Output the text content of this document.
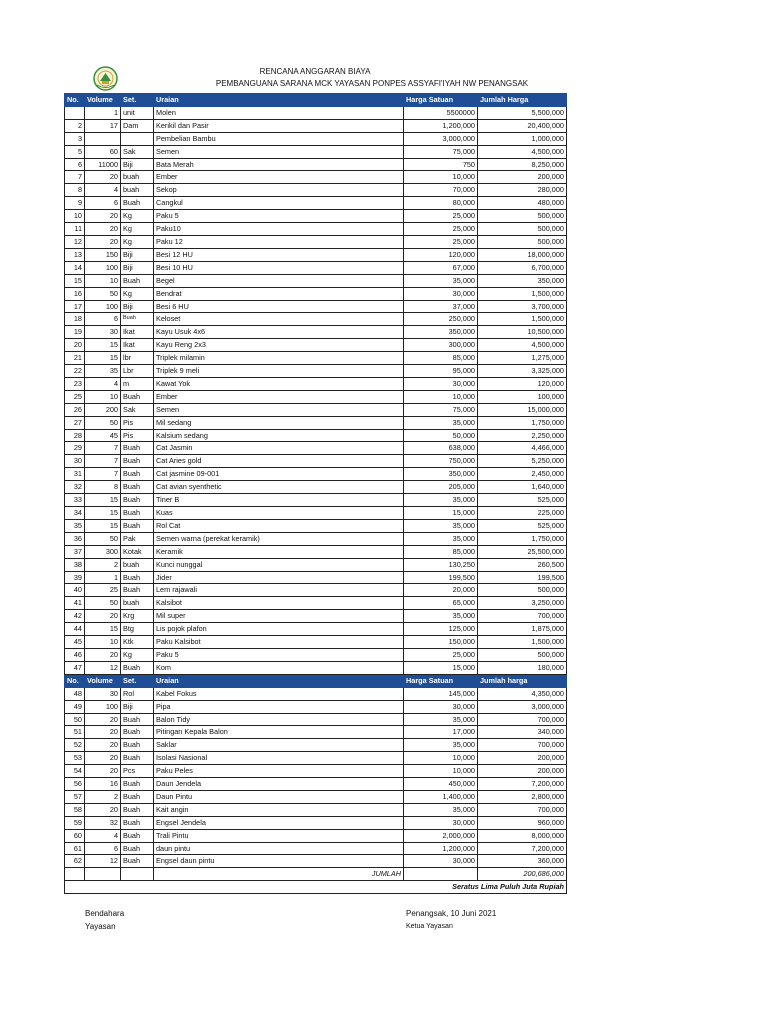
RENCANA ANGGARAN BIAYA
PEMBANGUANA SARANA MCK YAYASAN PONPES ASSYAFI'IYAH NW PENANGSAK
No.	Volume	Set.	Uraian	Harga Satuan	Jumlah Harga
	1	unit	Molen	5500000	5,500,000
2	17	Dam	Kerikil dan Pasir	1,200,000	20,400,000
3			Pembelian Bambu	3,000,000	1,000,000
5	60	Sak	Semen	75,000	4,500,000
6	11000	Biji	Bata Merah	750	8,250,000
7	20	buah	Ember	10,000	200,000
8	4	buah	Sekop	70,000	280,000
9	6	Buah	Cangkul	80,000	480,000
10	20	Kg	Paku 5	25,000	500,000
11	20	Kg	Paku10	25,000	500,000
12	20	Kg	Paku 12	25,000	500,000
13	150	Biji	Besi 12 HU	120,000	18,000,000
14	100	Biji	Besi 10 HU	67,000	6,700,000
15	10	Buah	Begel	35,000	350,000
16	50	Kg	Bendrat	30,000	1,500,000
17	100	Biji	Besi 6 HU	37,000	3,700,000
18	6	Buah	Keloset	250,000	1,500,000
19	30	Ikat	Kayu Usuk 4x6	350,000	10,500,000
20	15	Ikat	Kayu Reng 2x3	300,000	4,500,000
21	15	lbr	Triplek milamin	85,000	1,275,000
22	35	Lbr	Triplek 9 meli	95,000	3,325,000
23	4	m	Kawat Yok	30,000	120,000
25	10	Buah	Ember	10,000	100,000
26	200	Sak	Semen	75,000	15,000,000
27	50	Pis	Mil sedang	35,000	1,750,000
28	45	Pis	Kalsium sedang	50,000	2,250,000
29	7	Buah	Cat Jasmin	638,000	4,466,000
30	7	Buah	Cat Aries gold	750,000	5,250,000
31	7	Buah	Cat jasmine 09-001	350,000	2,450,000
32	8	Buah	Cat avian syenthetic	205,000	1,640,000
33	15	Buah	Tiner B	35,000	525,000
34	15	Buah	Kuas	15,000	225,000
35	15	Buah	Rol Cat	35,000	525,000
36	50	Pak	Semen warna (perekat keramik)	35,000	1,750,000
37	300	Kotak	Keramik	85,000	25,500,000
38	2	buah	Kunci nunggal	130,250	260,500
39	1	Buah	Jider	199,500	199,500
40	25	Buah	Lem rajawali	20,000	500,000
41	50	buah	Kalsibot	65,000	3,250,000
42	20	Krg	Mil super	35,000	700,000
44	15	Btg	Lis pojok plafon	125,000	1,875,000
45	10	Ktk	Paku Kalsibot	150,000	1,500,000
46	20	Kg	Paku 5	25,000	500,000
47	12	Buah	Kom	15,000	180,000
No.	Volume	Set.	Uraian	Harga Satuan	Jumlah harga
48	30	Rol	Kabel Fokus	145,000	4,350,000
49	100	Biji	Pipa	30,000	3,000,000
50	20	Buah	Balon Tidy	35,000	700,000
51	20	Buah	Pitingan Kepala Balon	17,000	340,000
52	20	Buah	Saklar	35,000	700,000
53	20	Buah	Isolasi Nasional	10,000	200,000
54	20	Pcs	Paku Peles	10,000	200,000
56	16	Buah	Daun Jendela	450,000	7,200,000
57	2	Buah	Daun Pintu	1,400,000	2,800,000
58	20	Buah	Kait angin	35,000	700,000
59	32	Buah	Engsel Jendela	30,000	960,000
60	4	Buah	Trali Pintu	2,000,000	8,000,000
61	6	Buah	daun pintu	1,200,000	7,200,000
62	12	Buah	Engsel daun pintu	30,000	360,000
			JUMLAH		200,686,000
Seratus Lima Puluh Juta Rupiah					
Bendahara
Yayasan
Penangsak, 10 Juni 2021
Ketua Yayasan
